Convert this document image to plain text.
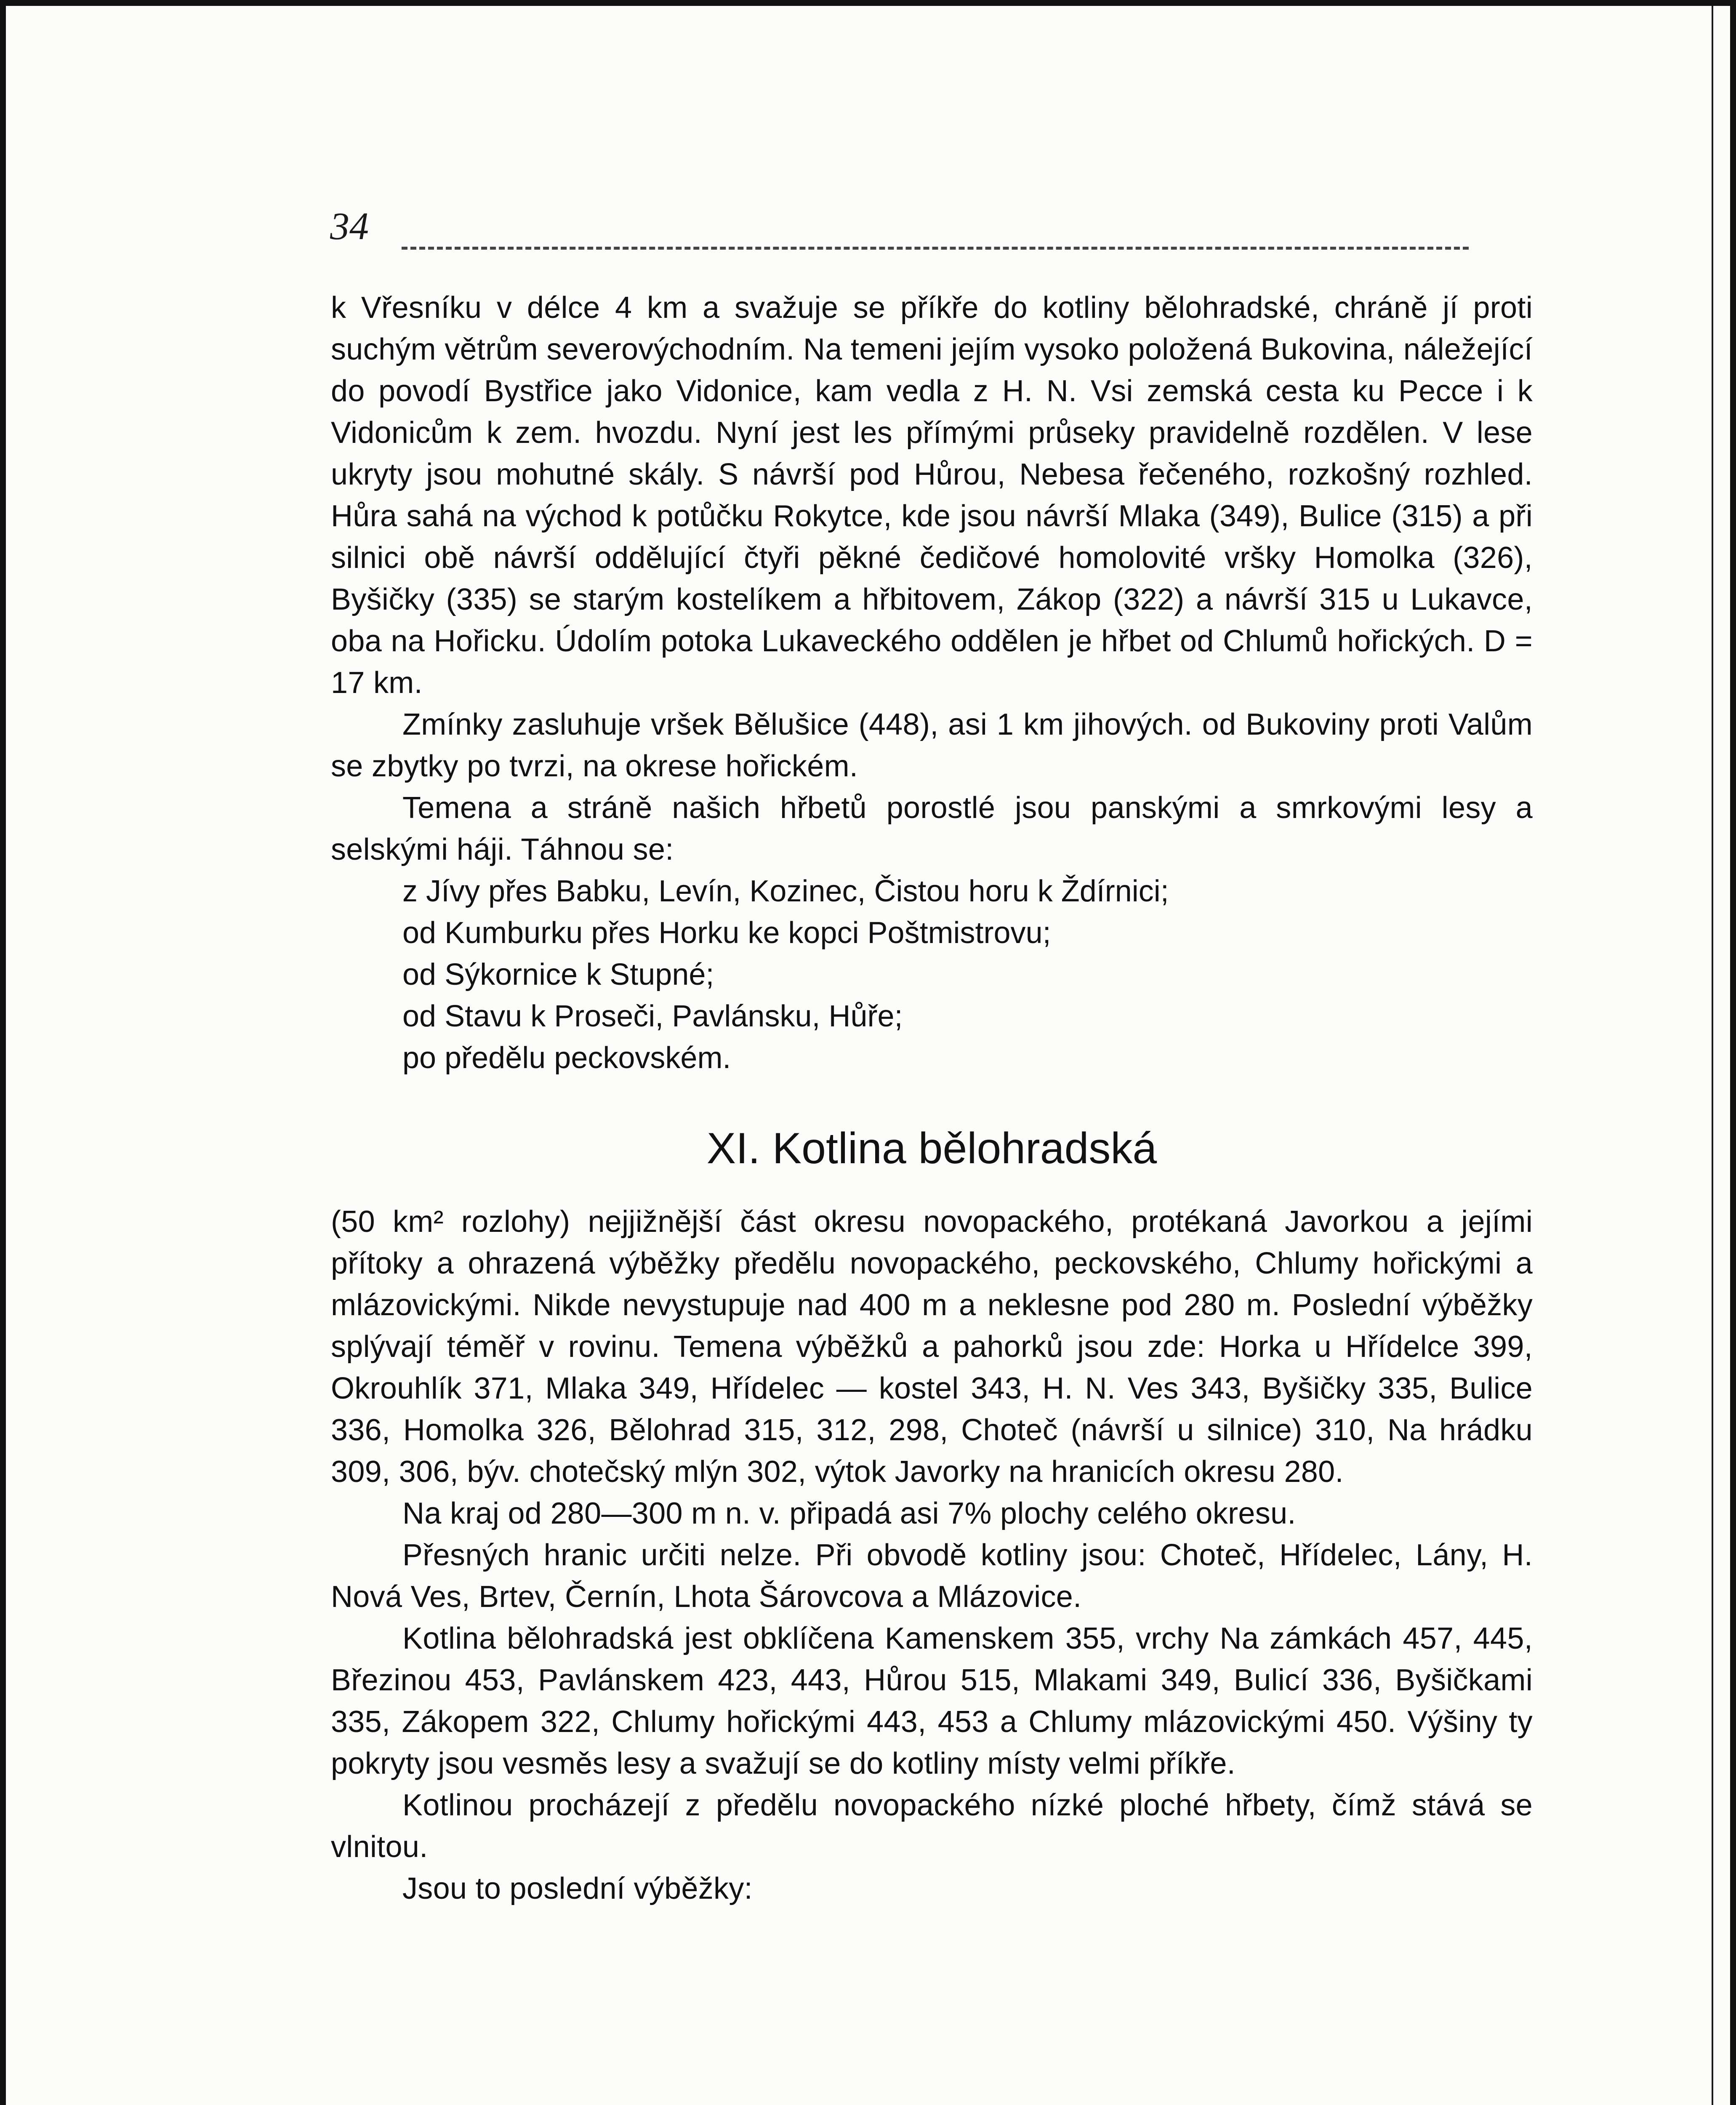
34

k Vřesníku v délce 4 km a svažuje se příkře do kotliny bělohradské, chráně jí proti suchým větrům severovýchodním. Na temeni jejím vysoko položená Bukovina, náležející do povodí Bystřice jako Vidonice, kam vedla z H. N. Vsi zemská cesta ku Pecce i k Vidonicům k zem. hvozdu. Nyní jest les přímými průseky pravidelně rozdělen. V lese ukryty jsou mohutné skály. S návrší pod Hůrou, Nebesa řečeného, rozkošný rozhled. Hůra sahá na východ k potůčku Rokytce, kde jsou návrší Mlaka (349), Bulice (315) a při silnici obě návrší oddělující čtyři pěkné čedičové homolovité vršky Homolka (326), Byšičky (335) se starým kostelíkem a hřbitovem, Zákop (322) a návrší 315 u Lukavce, oba na Hořicku. Údolím potoka Lukaveckého oddělen je hřbet od Chlumů hořických. D = 17 km.

Zmínky zasluhuje vršek Bělušice (448), asi 1 km jihových. od Bukoviny proti Valům se zbytky po tvrzi, na okrese hořickém.

Temena a stráně našich hřbetů porostlé jsou panskými a smrkovými lesy a selskými háji. Táhnou se:

z Jívy přes Babku, Levín, Kozinec, Čistou horu k Ždírnici;
od Kumburku přes Horku ke kopci Poštmistrovu;
od Sýkornice k Stupné;
od Stavu k Proseči, Pavlánsku, Hůře;
po předělu peckovském.
XI. Kotlina bělohradská

(50 km² rozlohy) nejjižnější část okresu novopackého, protékaná Javorkou a jejími přítoky a ohrazená výběžky předělu novopackého, peckovského, Chlumy hořickými a mlázovickými. Nikde nevystupuje nad 400 m a neklesne pod 280 m. Poslední výběžky splývají téměř v rovinu. Temena výběžků a pahorků jsou zde: Horka u Hřídelce 399, Okrouhlík 371, Mlaka 349, Hřídelec — kostel 343, H. N. Ves 343, Byšičky 335, Bulice 336, Homolka 326, Bělohrad 315, 312, 298, Choteč (návrší u silnice) 310, Na hrádku 309, 306, býv. chotečský mlýn 302, výtok Javorky na hranicích okresu 280.

Na kraj od 280—300 m n. v. připadá asi 7% plochy celého okresu.

Přesných hranic určiti nelze. Při obvodě kotliny jsou: Choteč, Hřídelec, Lány, H. Nová Ves, Brtev, Černín, Lhota Šárovcova a Mlázovice.

Kotlina bělohradská jest obklíčena Kamenskem 355, vrchy Na zámkách 457, 445, Březinou 453, Pavlánskem 423, 443, Hůrou 515, Mlakami 349, Bulicí 336, Byšičkami 335, Zákopem 322, Chlumy hořickými 443, 453 a Chlumy mlázovickými 450. Výšiny ty pokryty jsou vesměs lesy a svažují se do kotliny místy velmi příkře.

Kotlinou procházejí z předělu novopackého nízké ploché hřbety, čímž stává se vlnitou.

Jsou to poslední výběžky:
